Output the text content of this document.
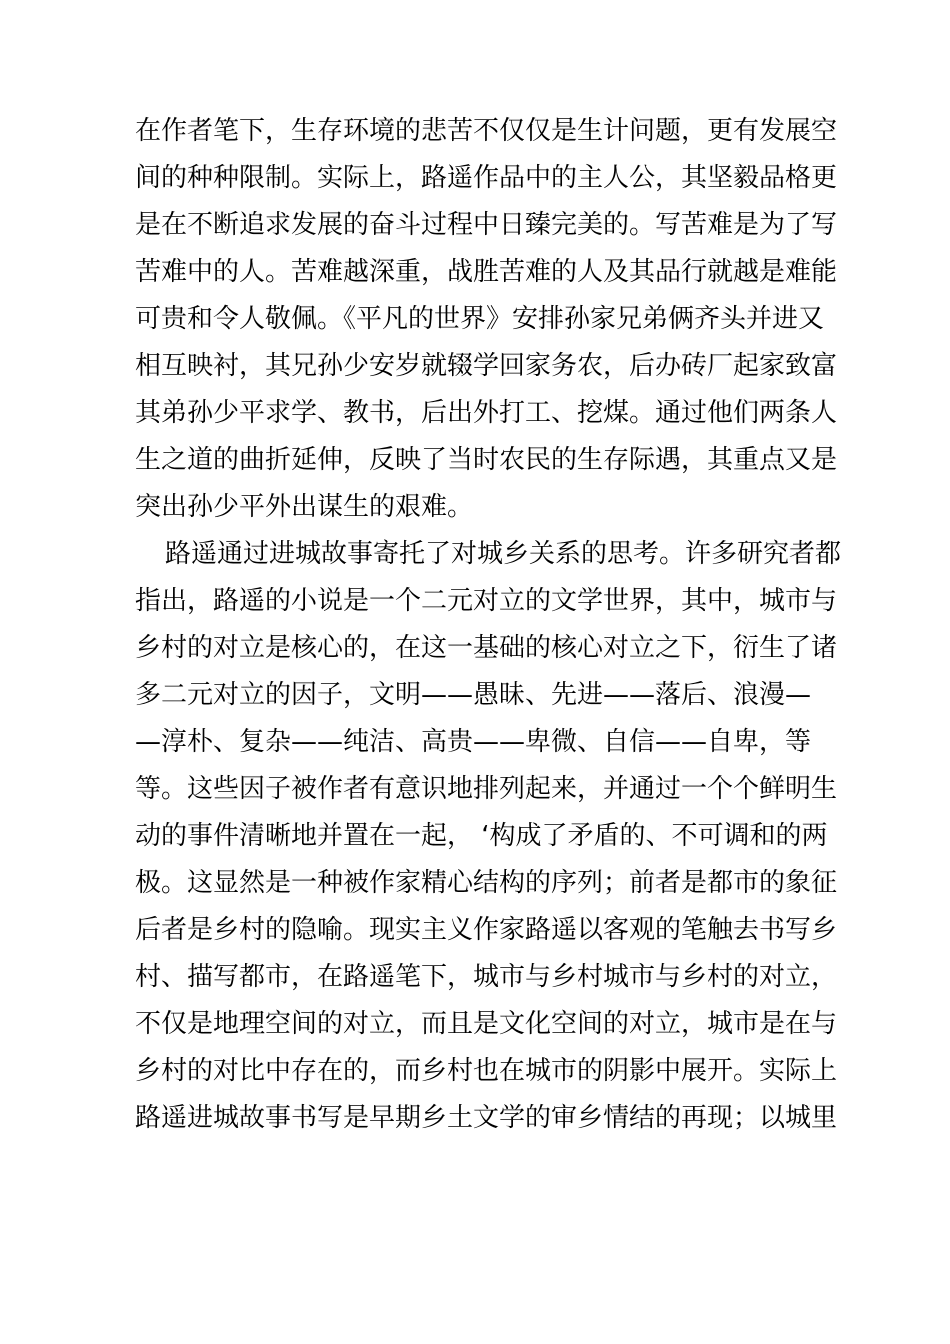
在作者笔下，生存环境的悲苦不仅仅是生计问题，更有发展空
间的种种限制。实际上，路遥作品中的主人公，其坚毅品格更
是在不断追求发展的奋斗过程中日臻完美的。写苦难是为了写
苦难中的人。苦难越深重，战胜苦难的人及其品行就越是难能
可贵和令人敬佩。《平凡的世界》安排孙家兄弟俩齐头并进又
相互映衬，其兄孙少安岁就辍学回家务农，后办砖厂起家致富
其弟孙少平求学、教书，后出外打工、挖煤。通过他们两条人
生之道的曲折延伸，反映了当时农民的生存际遇，其重点又是
突出孙少平外出谋生的艰难。
路遥通过进城故事寄托了对城乡关系的思考。许多研究者都
指出，路遥的小说是一个二元对立的文学世界，其中，城市与
乡村的对立是核心的，在这一基础的核心对立之下，衍生了诸
多二元对立的因子，文明——愚昧、先进——落后、浪漫—
—淳朴、复杂——纯洁、高贵——卑微、自信——自卑，等
等。这些因子被作者有意识地排列起来，并通过一个个鲜明生
动的事件清晰地并置在一起， ‘构成了矛盾的、不可调和的两
极。这显然是一种被作家精心结构的序列；前者是都市的象征
后者是乡村的隐喻。现实主义作家路遥以客观的笔触去书写乡
村、描写都市，在路遥笔下，城市与乡村城市与乡村的对立，
不仅是地理空间的对立，而且是文化空间的对立，城市是在与
乡村的对比中存在的，而乡村也在城市的阴影中展开。实际上
路遥进城故事书写是早期乡土文学的审乡情结的再现；以城里
